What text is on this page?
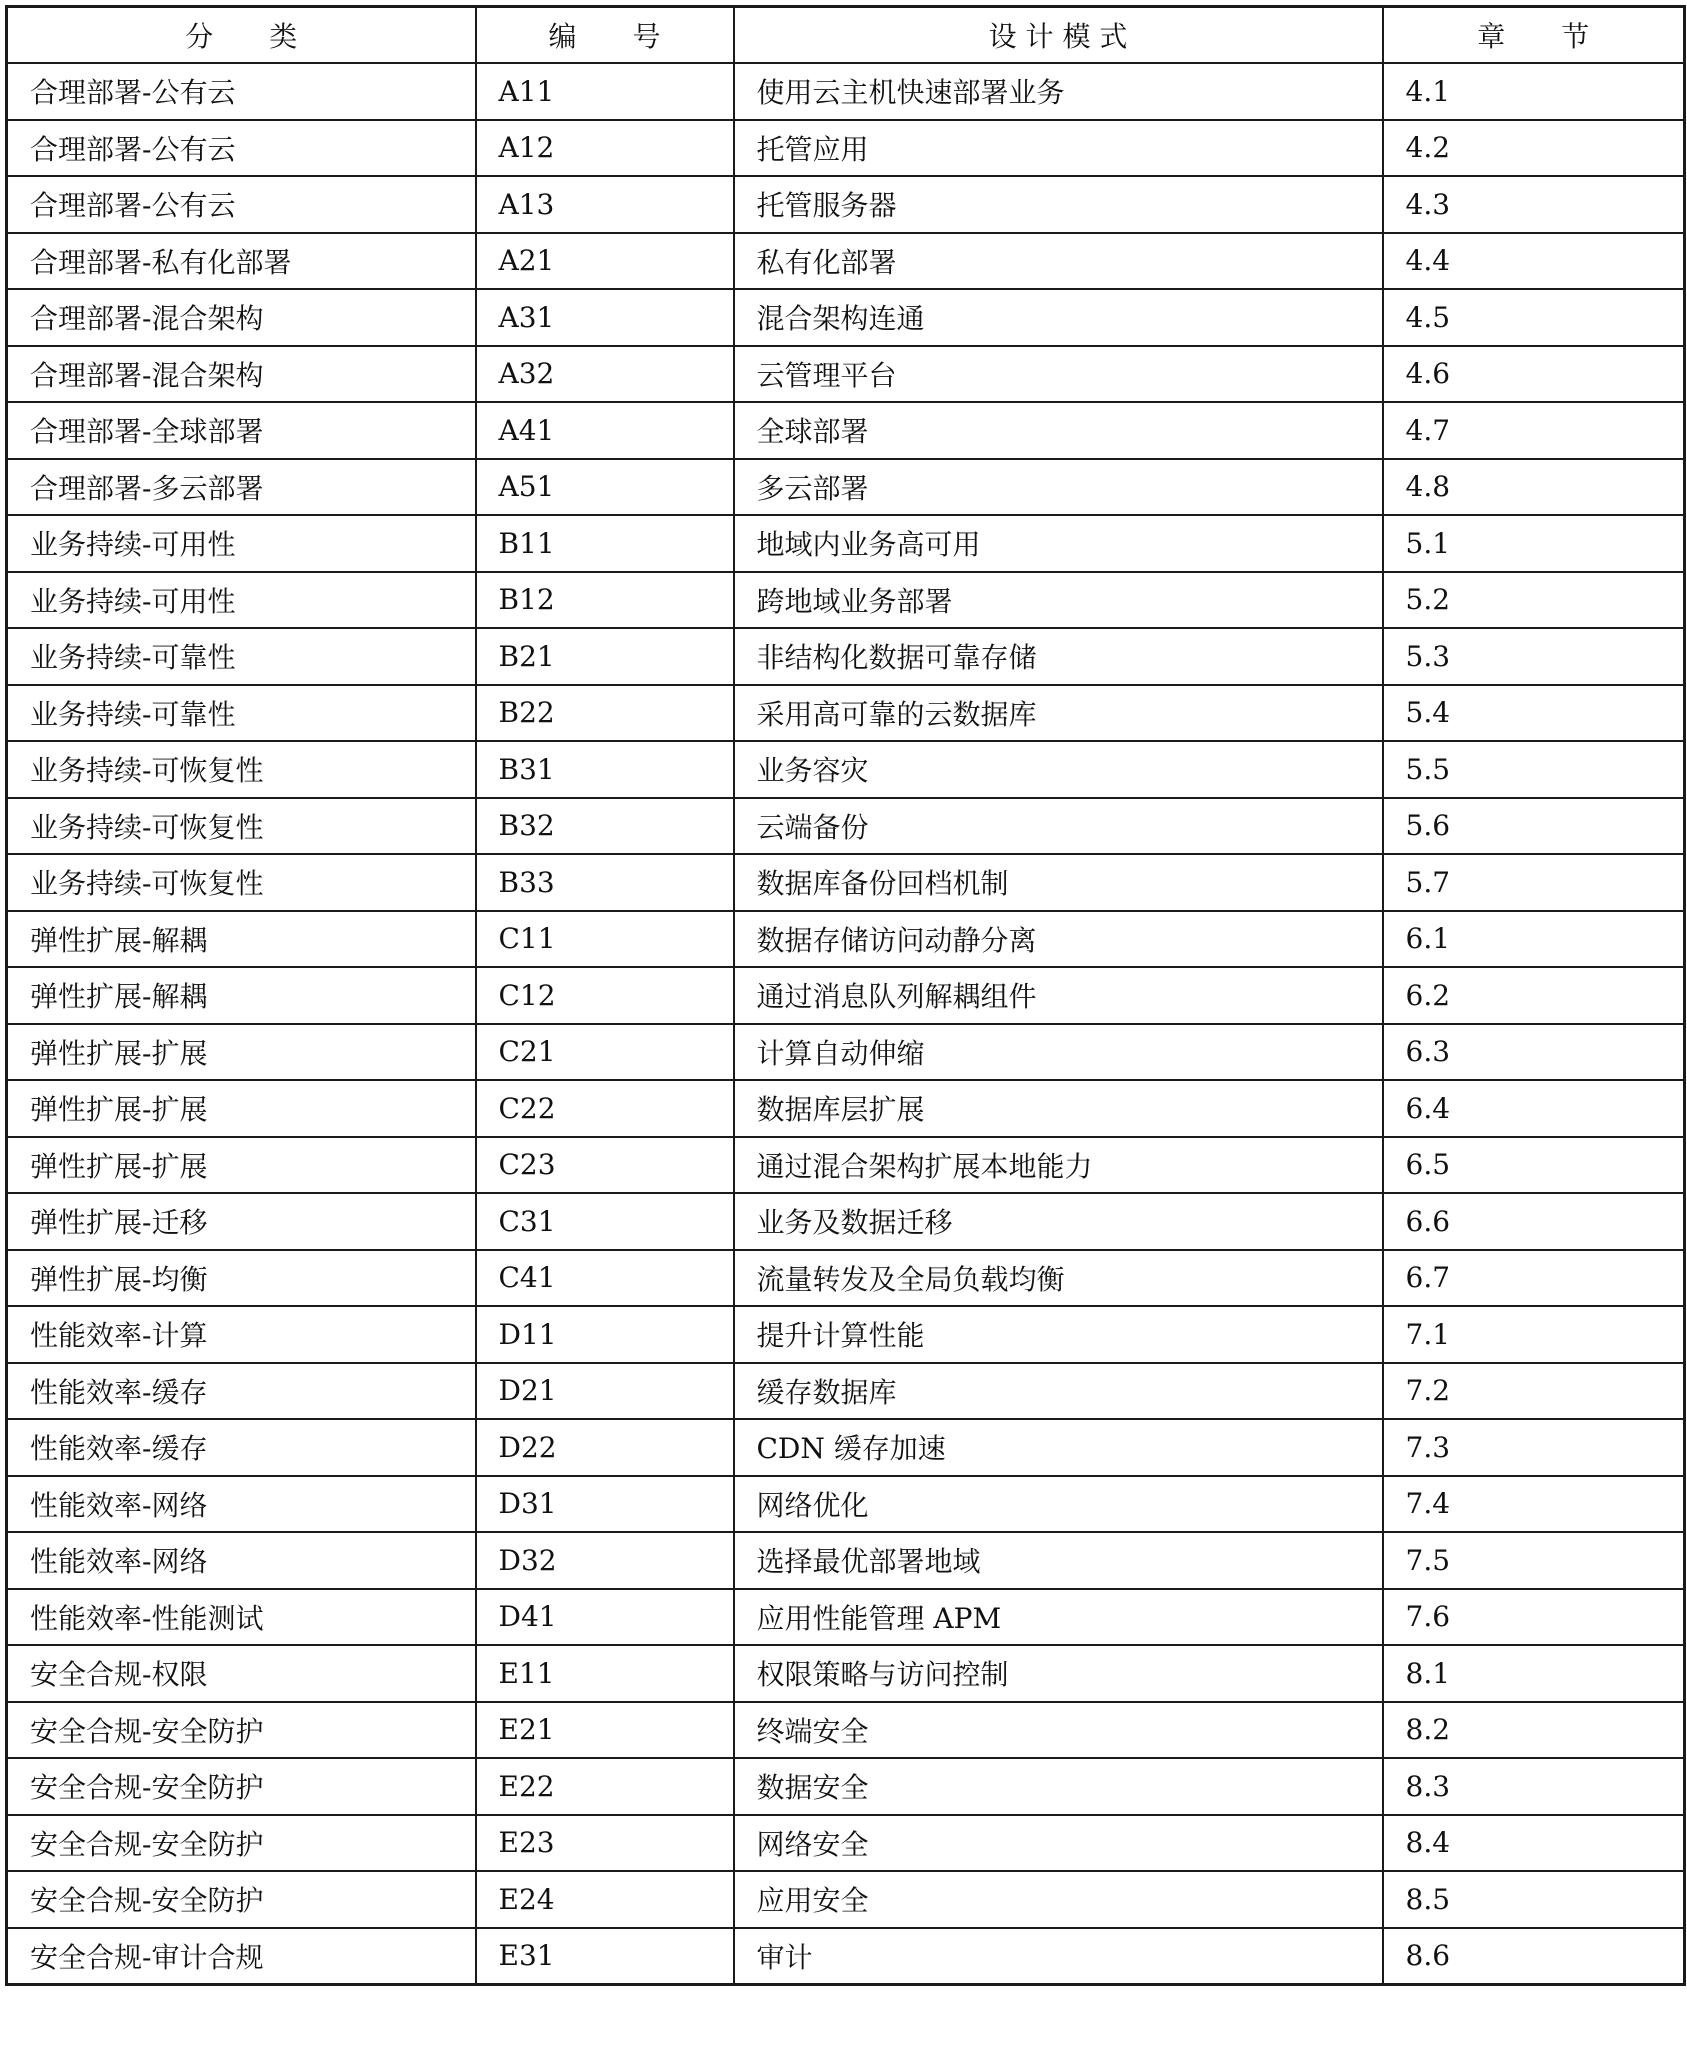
分　　类	编　　号	设 计 模 式	章　　节
合理部署-公有云	A11	使用云主机快速部署业务	4.1
合理部署-公有云	A12	托管应用	4.2
合理部署-公有云	A13	托管服务器	4.3
合理部署-私有化部署	A21	私有化部署	4.4
合理部署-混合架构	A31	混合架构连通	4.5
合理部署-混合架构	A32	云管理平台	4.6
合理部署-全球部署	A41	全球部署	4.7
合理部署-多云部署	A51	多云部署	4.8
业务持续-可用性	B11	地域内业务高可用	5.1
业务持续-可用性	B12	跨地域业务部署	5.2
业务持续-可靠性	B21	非结构化数据可靠存储	5.3
业务持续-可靠性	B22	采用高可靠的云数据库	5.4
业务持续-可恢复性	B31	业务容灾	5.5
业务持续-可恢复性	B32	云端备份	5.6
业务持续-可恢复性	B33	数据库备份回档机制	5.7
弹性扩展-解耦	C11	数据存储访问动静分离	6.1
弹性扩展-解耦	C12	通过消息队列解耦组件	6.2
弹性扩展-扩展	C21	计算自动伸缩	6.3
弹性扩展-扩展	C22	数据库层扩展	6.4
弹性扩展-扩展	C23	通过混合架构扩展本地能力	6.5
弹性扩展-迁移	C31	业务及数据迁移	6.6
弹性扩展-均衡	C41	流量转发及全局负载均衡	6.7
性能效率-计算	D11	提升计算性能	7.1
性能效率-缓存	D21	缓存数据库	7.2
性能效率-缓存	D22	CDN 缓存加速	7.3
性能效率-网络	D31	网络优化	7.4
性能效率-网络	D32	选择最优部署地域	7.5
性能效率-性能测试	D41	应用性能管理 APM	7.6
安全合规-权限	E11	权限策略与访问控制	8.1
安全合规-安全防护	E21	终端安全	8.2
安全合规-安全防护	E22	数据安全	8.3
安全合规-安全防护	E23	网络安全	8.4
安全合规-安全防护	E24	应用安全	8.5
安全合规-审计合规	E31	审计	8.6
